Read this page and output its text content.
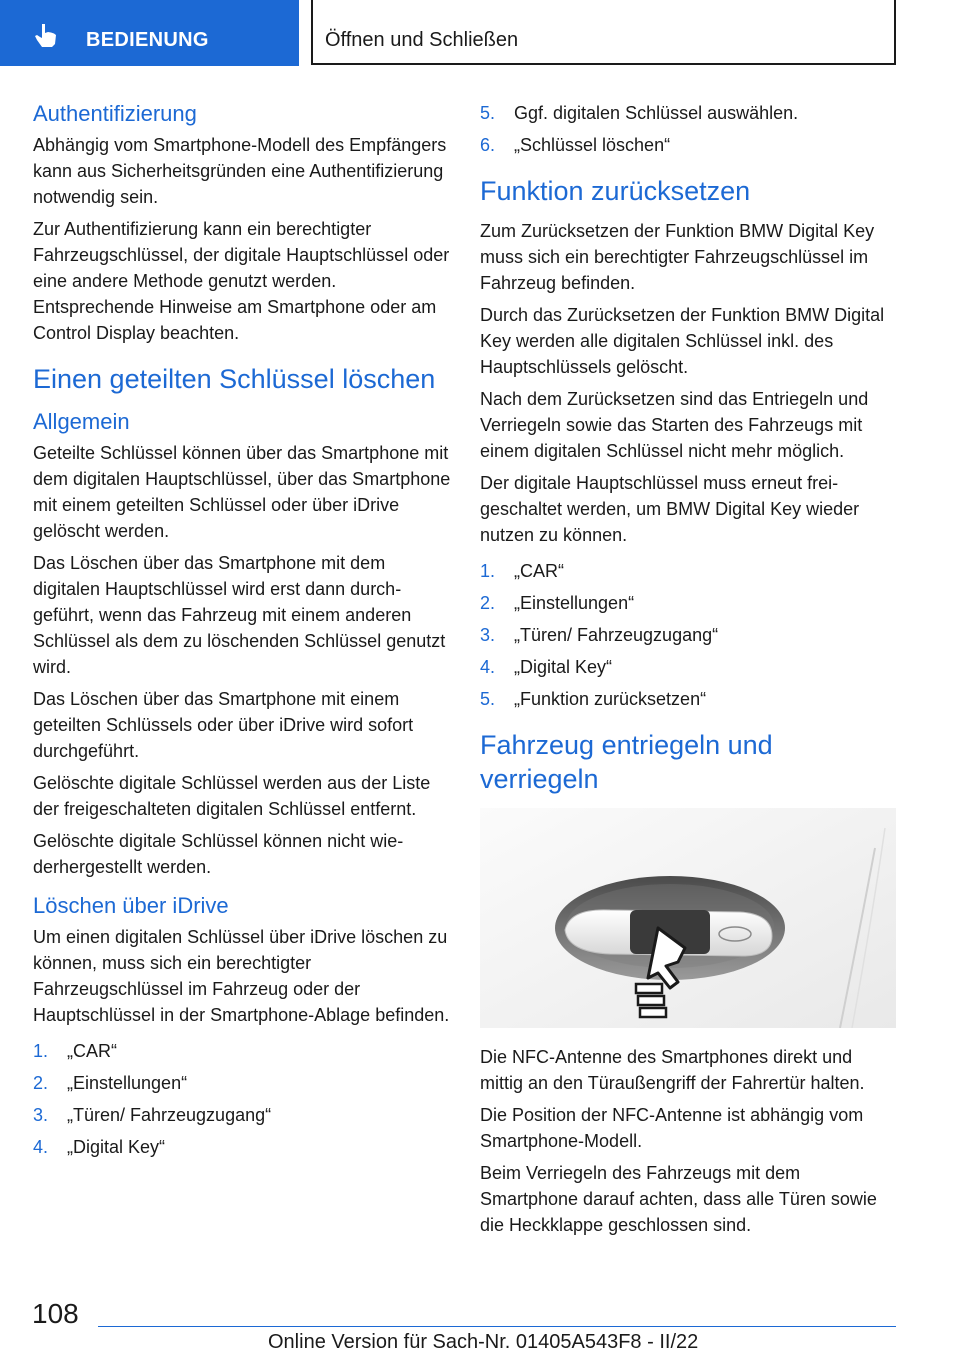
BEDIENUNG	Öffnen und Schließen
Authentifizierung

Abhängig vom Smartphone-Modell des Empfängers kann aus Sicherheitsgründen eine Authentifizierung notwendig sein.

Zur Authentifizierung kann ein berechtigter Fahrzeugschlüssel, der digitale Hauptschlüssel oder eine andere Methode genutzt werden. Entsprechende Hinweise am Smartphone oder am Control Display beachten.

Einen geteilten Schlüssel löschen
Allgemein

Geteilte Schlüssel können über das Smartphone mit dem digitalen Hauptschlüssel, über das Smartphone mit einem geteilten Schlüssel oder über iDrive gelöscht werden.

Das Löschen über das Smartphone mit dem digitalen Hauptschlüssel wird erst dann durchgeführt, wenn das Fahrzeug mit einem anderen Schlüssel als dem zu löschenden Schlüssel genutzt wird.

Das Löschen über das Smartphone mit einem geteilten Schlüssels oder über iDrive wird sofort durchgeführt.

Gelöschte digitale Schlüssel werden aus der Liste der freigeschalteten digitalen Schlüssel entfernt.

Gelöschte digitale Schlüssel können nicht wiederhergestellt werden.

Löschen über iDrive

Um einen digitalen Schlüssel über iDrive löschen zu können, muss sich ein berechtigter Fahrzeugschlüssel im Fahrzeug oder der Hauptschlüssel in der Smartphone-Ablage befinden.

1. „CAR“
2. „Einstellungen“
3. „Türen/ Fahrzeugzugang“
4. „Digital Key“
5. Ggf. digitalen Schlüssel auswählen.
6. „Schlüssel löschen“
Funktion zurücksetzen

Zum Zurücksetzen der Funktion BMW Digital Key muss sich ein berechtigter Fahrzeugschlüssel im Fahrzeug befinden.

Durch das Zurücksetzen der Funktion BMW Digital Key werden alle digitalen Schlüssel inkl. des Hauptschlüssels gelöscht.

Nach dem Zurücksetzen sind das Entriegeln und Verriegeln sowie das Starten des Fahrzeugs mit einem digitalen Schlüssel nicht mehr möglich.

Der digitale Hauptschlüssel muss erneut freigeschaltet werden, um BMW Digital Key wieder nutzen zu können.

1. „CAR“
2. „Einstellungen“
3. „Türen/ Fahrzeugzugang“
4. „Digital Key“
5. „Funktion zurücksetzen“
Fahrzeug entriegeln und verriegeln

Die NFC-Antenne des Smartphones direkt und mittig an den Türaußengriff der Fahrertür halten.

Die Position der NFC-Antenne ist abhängig vom Smartphone-Modell.

Beim Verriegeln des Fahrzeugs mit dem Smartphone darauf achten, dass alle Türen sowie die Heckklappe geschlossen sind.

108
Online Version für Sach-Nr. 01405A543F8 - II/22
